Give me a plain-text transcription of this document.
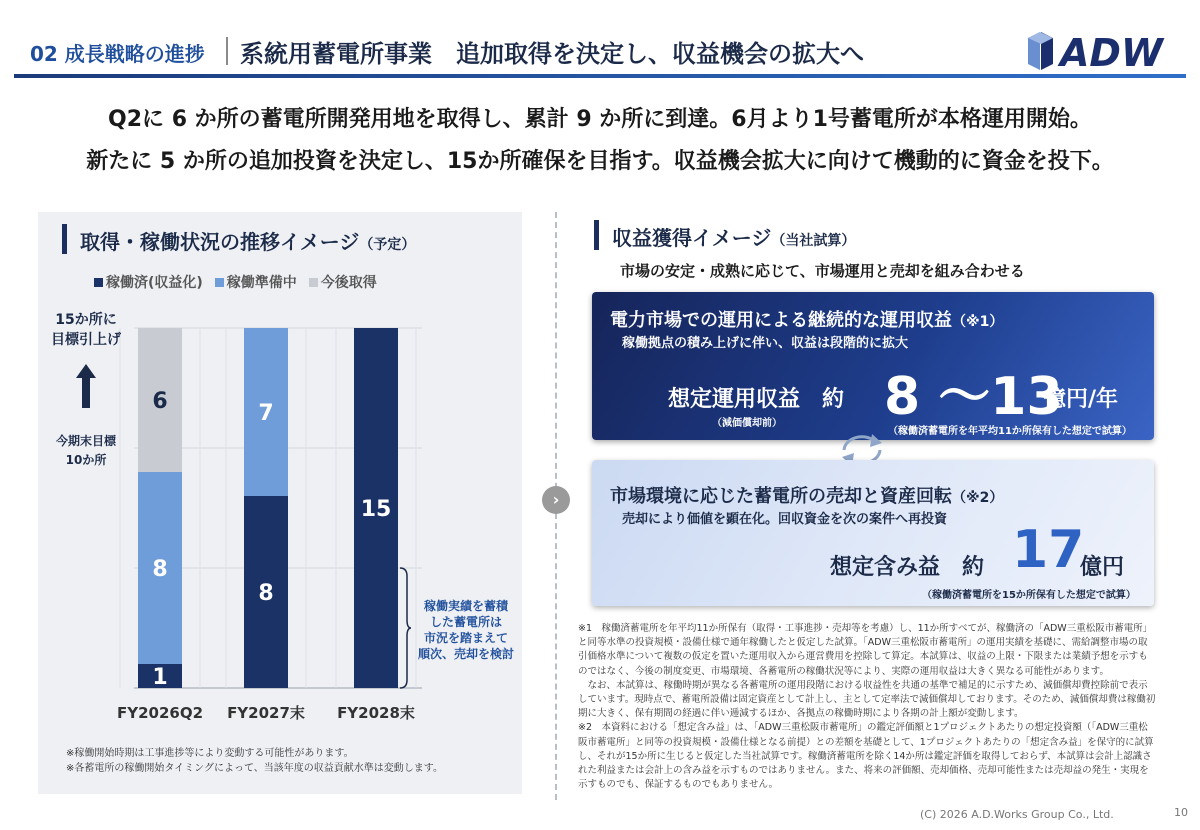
02 成長戦略の進捗 系統用蓄電所事業　追加取得を決定し、収益機会の拡大へ	ADW
Q2に 6 か所の蓄電所開発用地を取得し、累計 9 か所に到達。6月より1号蓄電所が本格運用開始。
新たに 5 か所の追加投資を決定し、15か所確保を目指す。収益機会拡大に向けて機動的に資金を投下。
取得・稼働状況の推移イメージ（予定）
稼働済(収益化) 稼働準備中 今後取得
1
8
6
FY2026Q2
8
7
FY2027末
15
FY2028末
15か所に
目標引上げ
今期末目標
10か所
稼働実績を蓄積
した蓄電所は
市況を踏まえて
順次、売却を検討
※稼働開始時期は工事進捗等により変動する可能性があります。
※各蓄電所の稼働開始タイミングによって、当該年度の収益貢献水準は変動します。
›
収益獲得イメージ（当社試算）
市場の安定・成熟に応じて、市場運用と売却を組み合わせる
電力市場での運用による継続的な運用収益（※1）
稼働拠点の積み上げに伴い、収益は段階的に拡大
想定運用収益　約 8 ～13
億円/年
（減価償却前）
（稼働済蓄電所を年平均11か所保有した想定で試算）
市場環境に応じた蓄電所の売却と資産回転（※2）
売却により価値を顕在化。回収資金を次の案件へ再投資
想定含み益　約 17
億円
（稼働済蓄電所を15か所保有した想定で試算）
※1　稼働済蓄電所を年平均11か所保有（取得・工事進捗・売却等を考慮）し、11か所すべてが、稼働済の「ADW三重松阪市蓄電所」と同等水準の投資規模・設備仕様で通年稼働したと仮定した試算。「ADW三重松阪市蓄電所」の運用実績を基礎に、需給調整市場の取引価格水準について複数の仮定を置いた運用収入から運営費用を控除して算定。本試算は、収益の上限・下限または業績予想を示すものではなく、今後の制度変更、市場環境、各蓄電所の稼働状況等により、実際の運用収益は大きく異なる可能性があります。
　なお、本試算は、稼働時期が異なる各蓄電所の運用段階における収益性を共通の基準で補足的に示すため、減価償却費控除前で表示しています。現時点で、蓄電所設備は固定資産として計上し、主として定率法で減価償却しております。そのため、減価償却費は稼働初期に大きく、保有期間の経過に伴い逓減するほか、各拠点の稼働時期により各期の計上額が変動します。
※2　本資料における「想定含み益」は、「ADW三重松阪市蓄電所」の鑑定評価額と1プロジェクトあたりの想定投資額（「ADW三重松阪市蓄電所」と同等の投資規模・設備仕様となる前提）との差額を基礎として、1プロジェクトあたりの「想定含み益」を保守的に試算し、それが15か所に生じると仮定した当社試算です。稼働済蓄電所を除く14か所は鑑定評価を取得しておらず、本試算は会計上認識された利益または会計上の含み益を示すものではありません。また、将来の評価額、売却価格、売却可能性または売却益の発生・実現を示すものでも、保証するものでもありません。
(C) 2026 A.D.Works Group Co., Ltd.	10
